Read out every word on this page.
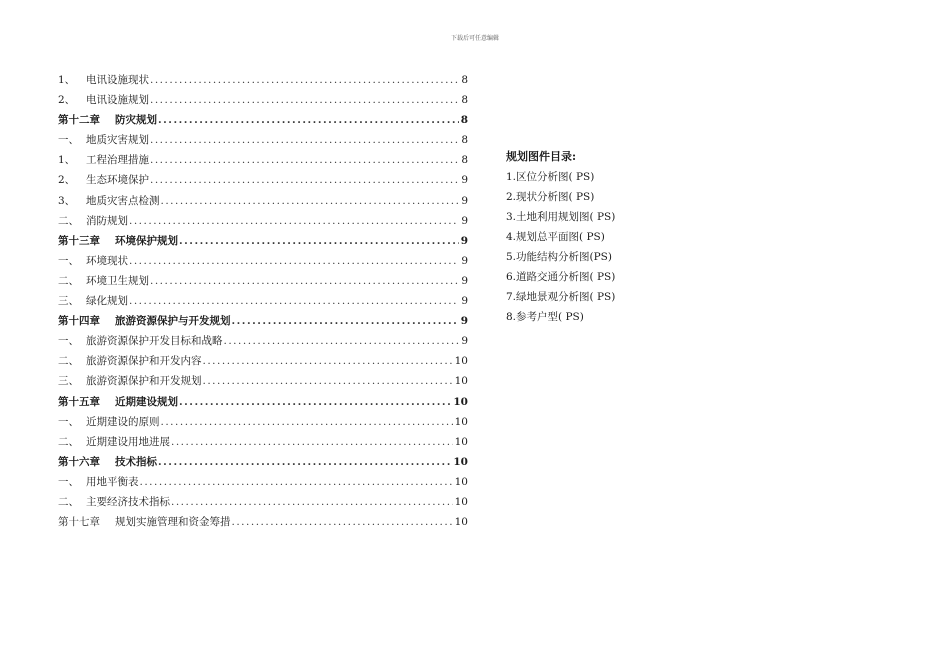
下载后可任意编辑
1、	电讯设施现状 .....	8
2、	电讯设施规划 .....	8
第十二章	防灾规划 .....	8
一、 地质灾害规划 .....	8
1、	工程治理措施 .....	8
2、	生态环境保护 .....	9
3、	地质灾害点检测 .....	9
二、 消防规划 .....	9
第十三章	环境保护规划 .....	9
一、 环境现状 .....	9
二、 环境卫生规划 .....	9
三、 绿化规划 .....	9
第十四章	旅游资源保护与开发规划 .....	9
一、 旅游资源保护开发目标和战略 .....	9
二、 旅游资源保护和开发内容 .....	10
三、 旅游资源保护和开发规划 .....	10
第十五章	近期建设规划 .....	10
一、 近期建设的原则 .....	10
二、 近期建设用地进展 .....	10
第十六章	技术指标 .....	10
一、 用地平衡表 .....	10
二、 主要经济技术指标 .....	10
第十七章	规划实施管理和资金筹措 .....	10
规划图件目录:
1.区位分析图( PS)
2.现状分析图( PS)
3.土地利用规划图( PS)
4.规划总平面图( PS)
5.功能结构分析图(PS)
6.道路交通分析图( PS)
7.绿地景观分析图( PS)
8.参考户型( PS)
